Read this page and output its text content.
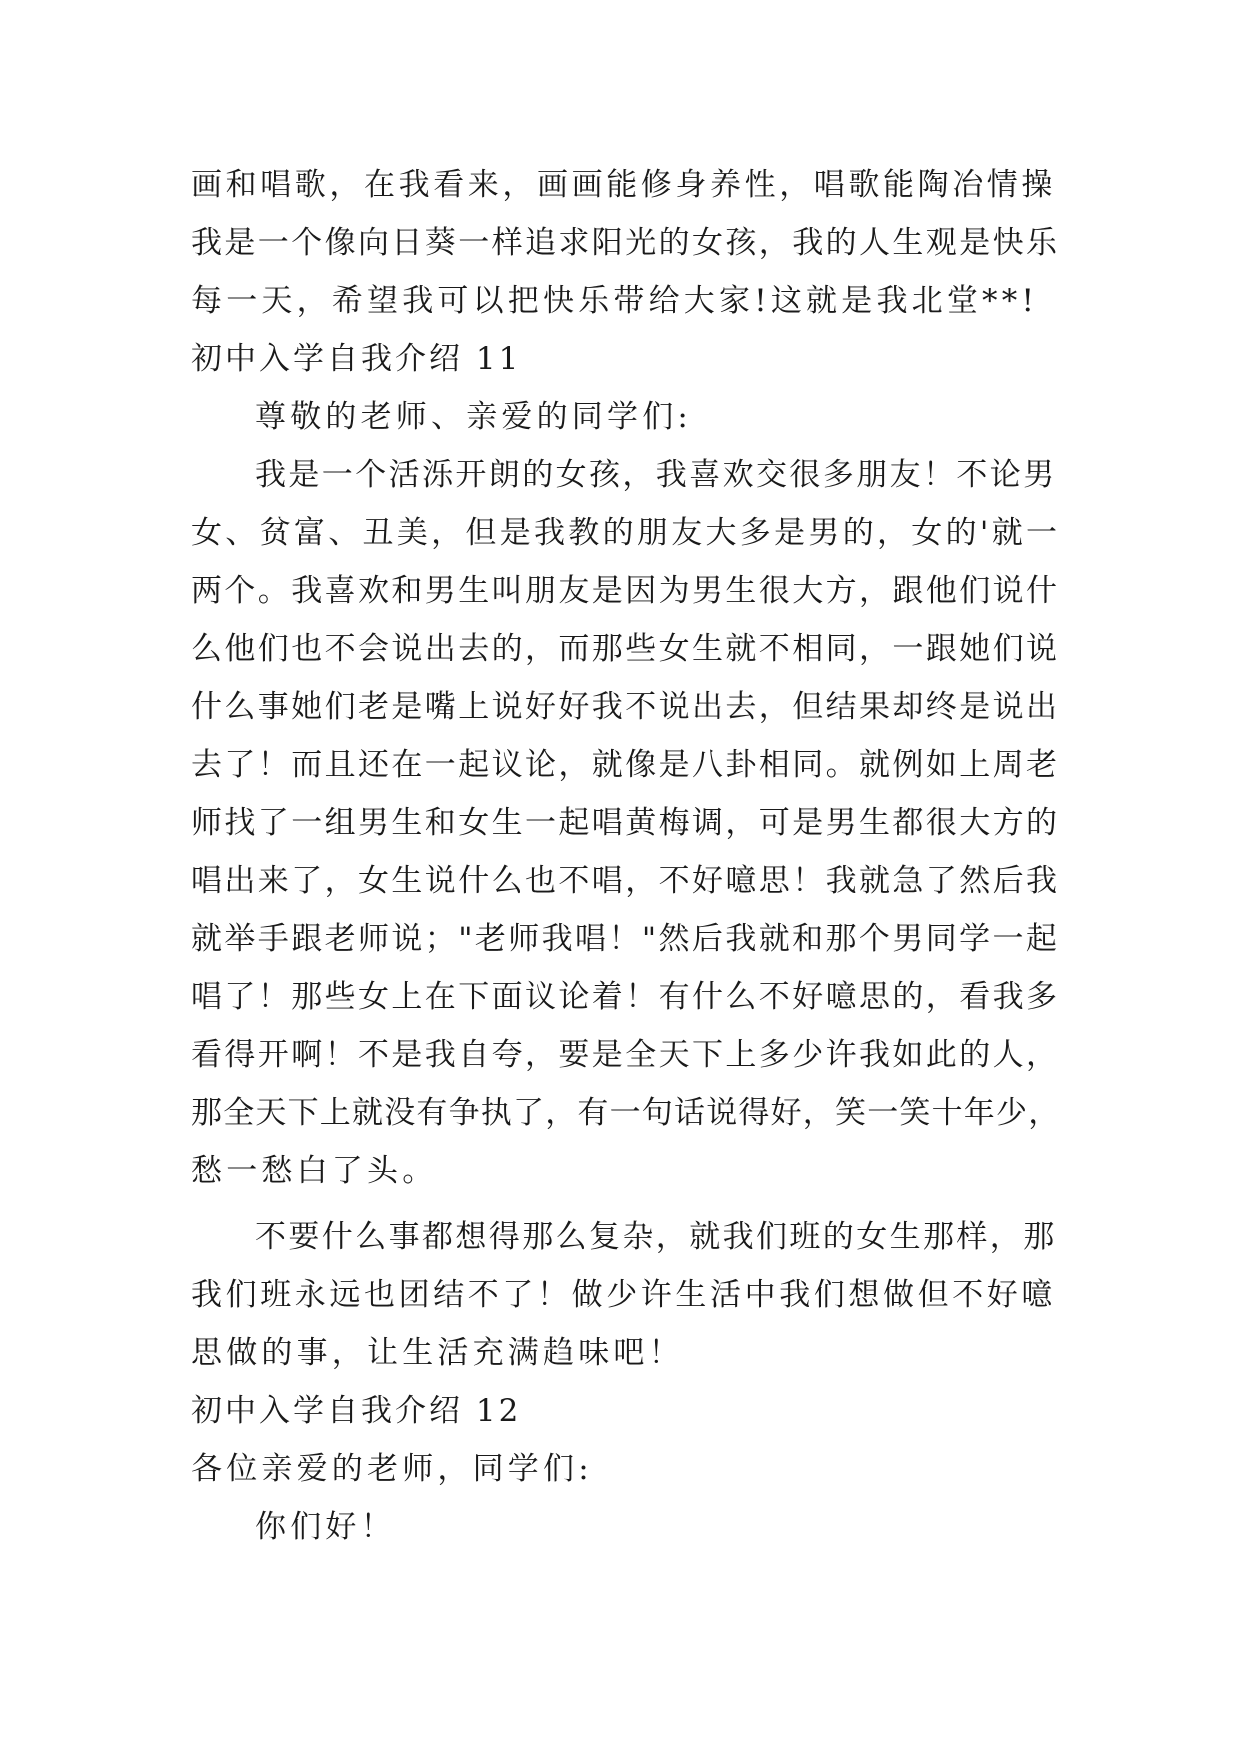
画和唱歌，在我看来，画画能修身养性，唱歌能陶冶情操
我是一个像向日葵一样追求阳光的女孩，我的人生观是快乐
每一天，希望我可以把快乐带给大家!这就是我北堂**!
初中入学自我介绍 11
尊敬的老师、亲爱的同学们:
我是一个活泺开朗的女孩，我喜欢交很多朋友！不论男
女、贫富、丑美，但是我教的朋友大多是男的，女的'就一
两个。我喜欢和男生叫朋友是因为男生很大方，跟他们说什
么他们也不会说出去的，而那些女生就不相同，一跟她们说
什么事她们老是嘴上说好好我不说出去，但结果却终是说出
去了！而且还在一起议论，就像是八卦相同。就例如上周老
师找了一组男生和女生一起唱黄梅调，可是男生都很大方的
唱出来了，女生说什么也不唱，不好噫思！我就急了然后我
就举手跟老师说；"老师我唱！"然后我就和那个男同学一起
唱了！那些女上在下面议论着！有什么不好噫思的，看我多
看得开啊！不是我自夸，要是全天下上多少许我如此的人，
那全天下上就没有争执了，有一句话说得好，笑一笑十年少，
愁一愁白了头。
不要什么事都想得那么复杂，就我们班的女生那样，那
我们班永远也团结不了！做少许生活中我们想做但不好噫
思做的事，让生活充满趋味吧！
初中入学自我介绍 12
各位亲爱的老师，同学们:
你们好！
